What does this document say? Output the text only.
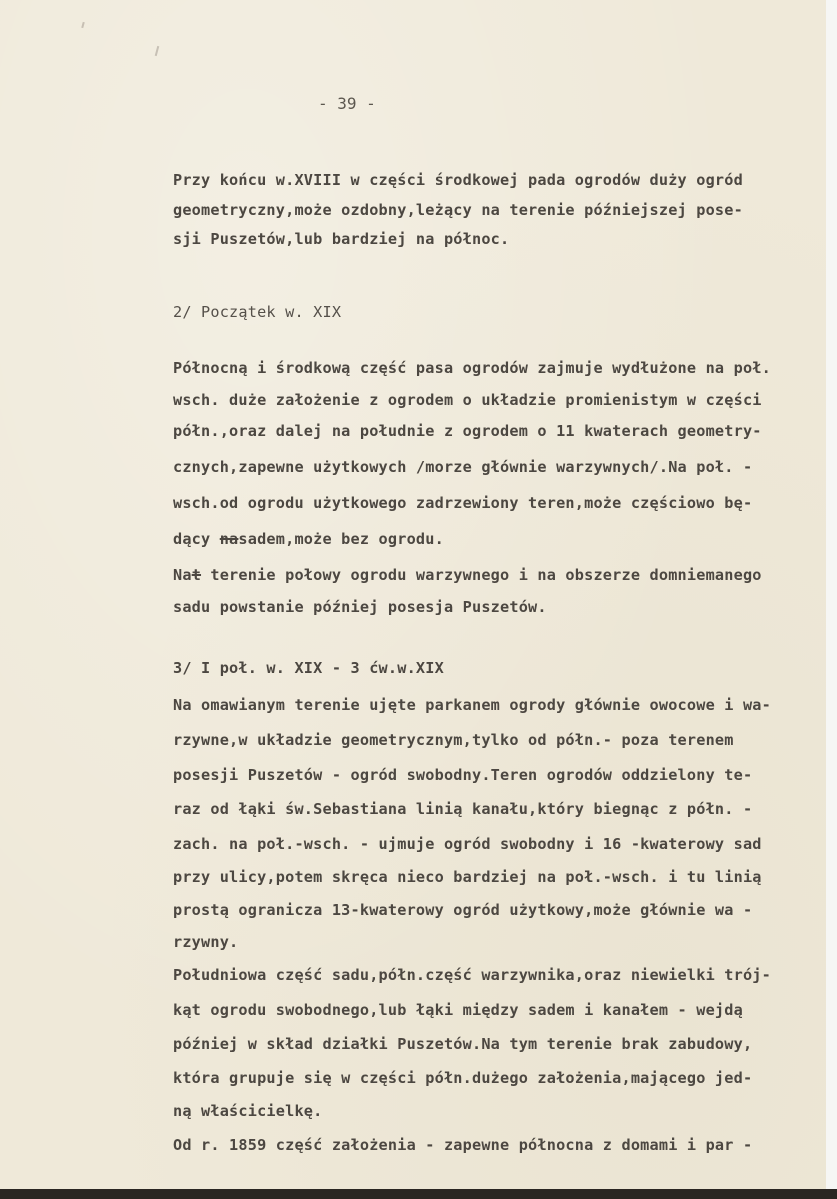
- 39 -
Przy końcu w.XVIII w części środkowej pada ogrodów duży ogród
geometryczny,może ozdobny,leżący na terenie późniejszej pose-
sji Puszetów,lub bardziej na północ.
2/ Początek w. XIX
Północną i środkową część pasa ogrodów zajmuje wydłużone na poł.
wsch. duże założenie z ogrodem o układzie promienistym w części
półn.,oraz dalej na południe z ogrodem o 11 kwaterach geometry-
cznych,zapewne użytkowych /morze głównie warzywnych/.Na poł. -
wsch.od ogrodu użytkowego zadrzewiony teren,może częściowo bę-
dący nasadem,może bez ogrodu.
Nat terenie połowy ogrodu warzywnego i na obszerze domniemanego
sadu powstanie później posesja Puszetów.
3/ I poł. w. XIX - 3 ćw.w.XIX
Na omawianym terenie ujęte parkanem ogrody głównie owocowe i wa-
rzywne,w układzie geometrycznym,tylko od półn.- poza terenem
posesji Puszetów - ogród swobodny.Teren ogrodów oddzielony te-
raz od łąki św.Sebastiana linią kanału,który biegnąc z półn. -
zach. na poł.-wsch. - ujmuje ogród swobodny i 16 -kwaterowy sad
przy ulicy,potem skręca nieco bardziej na poł.-wsch. i tu linią
prostą ogranicza 13-kwaterowy ogród użytkowy,może głównie wa -
rzywny.
Południowa część sadu,półn.część warzywnika,oraz niewielki trój-
kąt ogrodu swobodnego,lub łąki między sadem i kanałem - wejdą
później w skład działki Puszetów.Na tym terenie brak zabudowy,
która grupuje się w części półn.dużego założenia,mającego jed-
ną właścicielkę.
Od r. 1859 część założenia - zapewne północna z domami i par -
